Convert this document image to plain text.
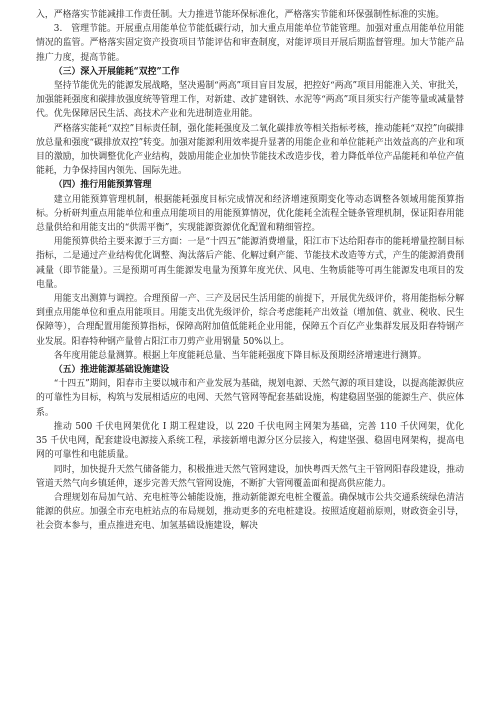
入，严格落实节能减排工作责任制。大力推进节能环保标准化，严格落实节能和环保强制性标准的实施。
3.　管理节能。开展重点用能单位节能低碳行动，加大重点用能单位节能管理。加强对重点用能单位用能情况的监管。严格落实固定资产投资项目节能评估和审查制度，对能评项目开展后期监督管理。加大节能产品推广力度，提高节能。
（三）深入开展能耗“双控”工作
坚持节能优先的能源发展战略，坚决遏制“两高”项目盲目发展，把控好“两高”项目用能准入关、审批关，加强能耗强度和碳排放强度统等管理工作，对新建、改扩建钢铁、水泥等“两高”项目须实行产能等量或减量替代。优先保障居民生活、高技术产业和先进制造业用能。
严格落实能耗“双控”目标责任制，强化能耗强度及二氧化碳排放等相关指标考核，推动能耗“双控”向碳排放总量和强度“碳排放双控”转变。加强对能源利用效率提升显著的用能企业和单位能耗产出效益高的产业和项目的激励，加快调整优化产业结构，鼓励用能企业加快节能技术改造步伐，着力降低单位产品能耗和单位产值能耗，力争保持国内领先、国际先进。
（四）推行用能预算管理
建立用能预算管理机制，根据能耗强度目标完成情况和经济增速预期变化等动态调整各领域用能预算指标。分析研判重点用能单位和重点用能项目的用能预算情况，优化能耗全流程全链条管理机制，保证阳春用能总量供给和用能支出的“供需平衡”，实现能源资源优化配置和精细管控。
用能预算供给主要来源于三方面：一是“十四五”能源消费增量，阳江市下达给阳春市的能耗增量控制目标指标，二是通过产业结构优化调整、淘汰落后产能、化解过剩产能、节能技术改造等方式，产生的能源消费削减量（即节能量）。三是预期可再生能源发电量为预算年度光伏、风电、生物质能等可再生能源发电项目的发电量。
用能支出测算与调控。合理预留一产、三产及居民生活用能的前提下，开展优先级评价，将用能指标分解到重点用能单位和重点用能项目。用能支出优先级评价，综合考虑能耗产出效益（增加值、就业、税收、民生保障等），合理配置用能预算指标，保障高附加值低能耗企业用能，保障五个百亿产业集群发展及阳春特钢产业发展。阳春特种钢产量曾占阳江市刀剪产业用钢量 50%以上。
各年度用能总量测算。根据上年度能耗总量、当年能耗强度下降目标及预期经济增速进行测算。
（五）推进能源基础设施建设
“十四五”期间，阳春市主要以城市和产业发展为基础，规划电源、天然气源的项目建设，以提高能源供应的可靠性为目标，构筑与发展相适应的电网、天然气管网等配套基础设施，构建稳固坚强的能源生产、供应体系。
推动 500 千伏电网架优化 I 期工程建设，以 220 千伏电网主网架为基础，完善 110 千伏网架，优化 35 千伏电网，配套建设电源接入系统工程，承接新增电源分区分层接入，构建坚强、稳固电网架构，提高电网的可靠性和电能质量。
同时，加快提升天然气储备能力，积极推进天然气管网建设，加快粤西天然气主干管网阳春段建设，推动管道天然气向乡镇延伸，逐步完善天然气管网设施，不断扩大管网覆盖面和提高供应能力。
合理规划布局加气站、充电桩等公辅能设施，推动新能源充电桩全覆盖。确保城市公共交通系统绿色清洁能源的供应。加强全市充电桩站点的布局规划，推动更多的充电桩建设。按照适度超前原则，财政资金引导，社会资本参与，重点推进充电、加氢基础设施建设，解决
